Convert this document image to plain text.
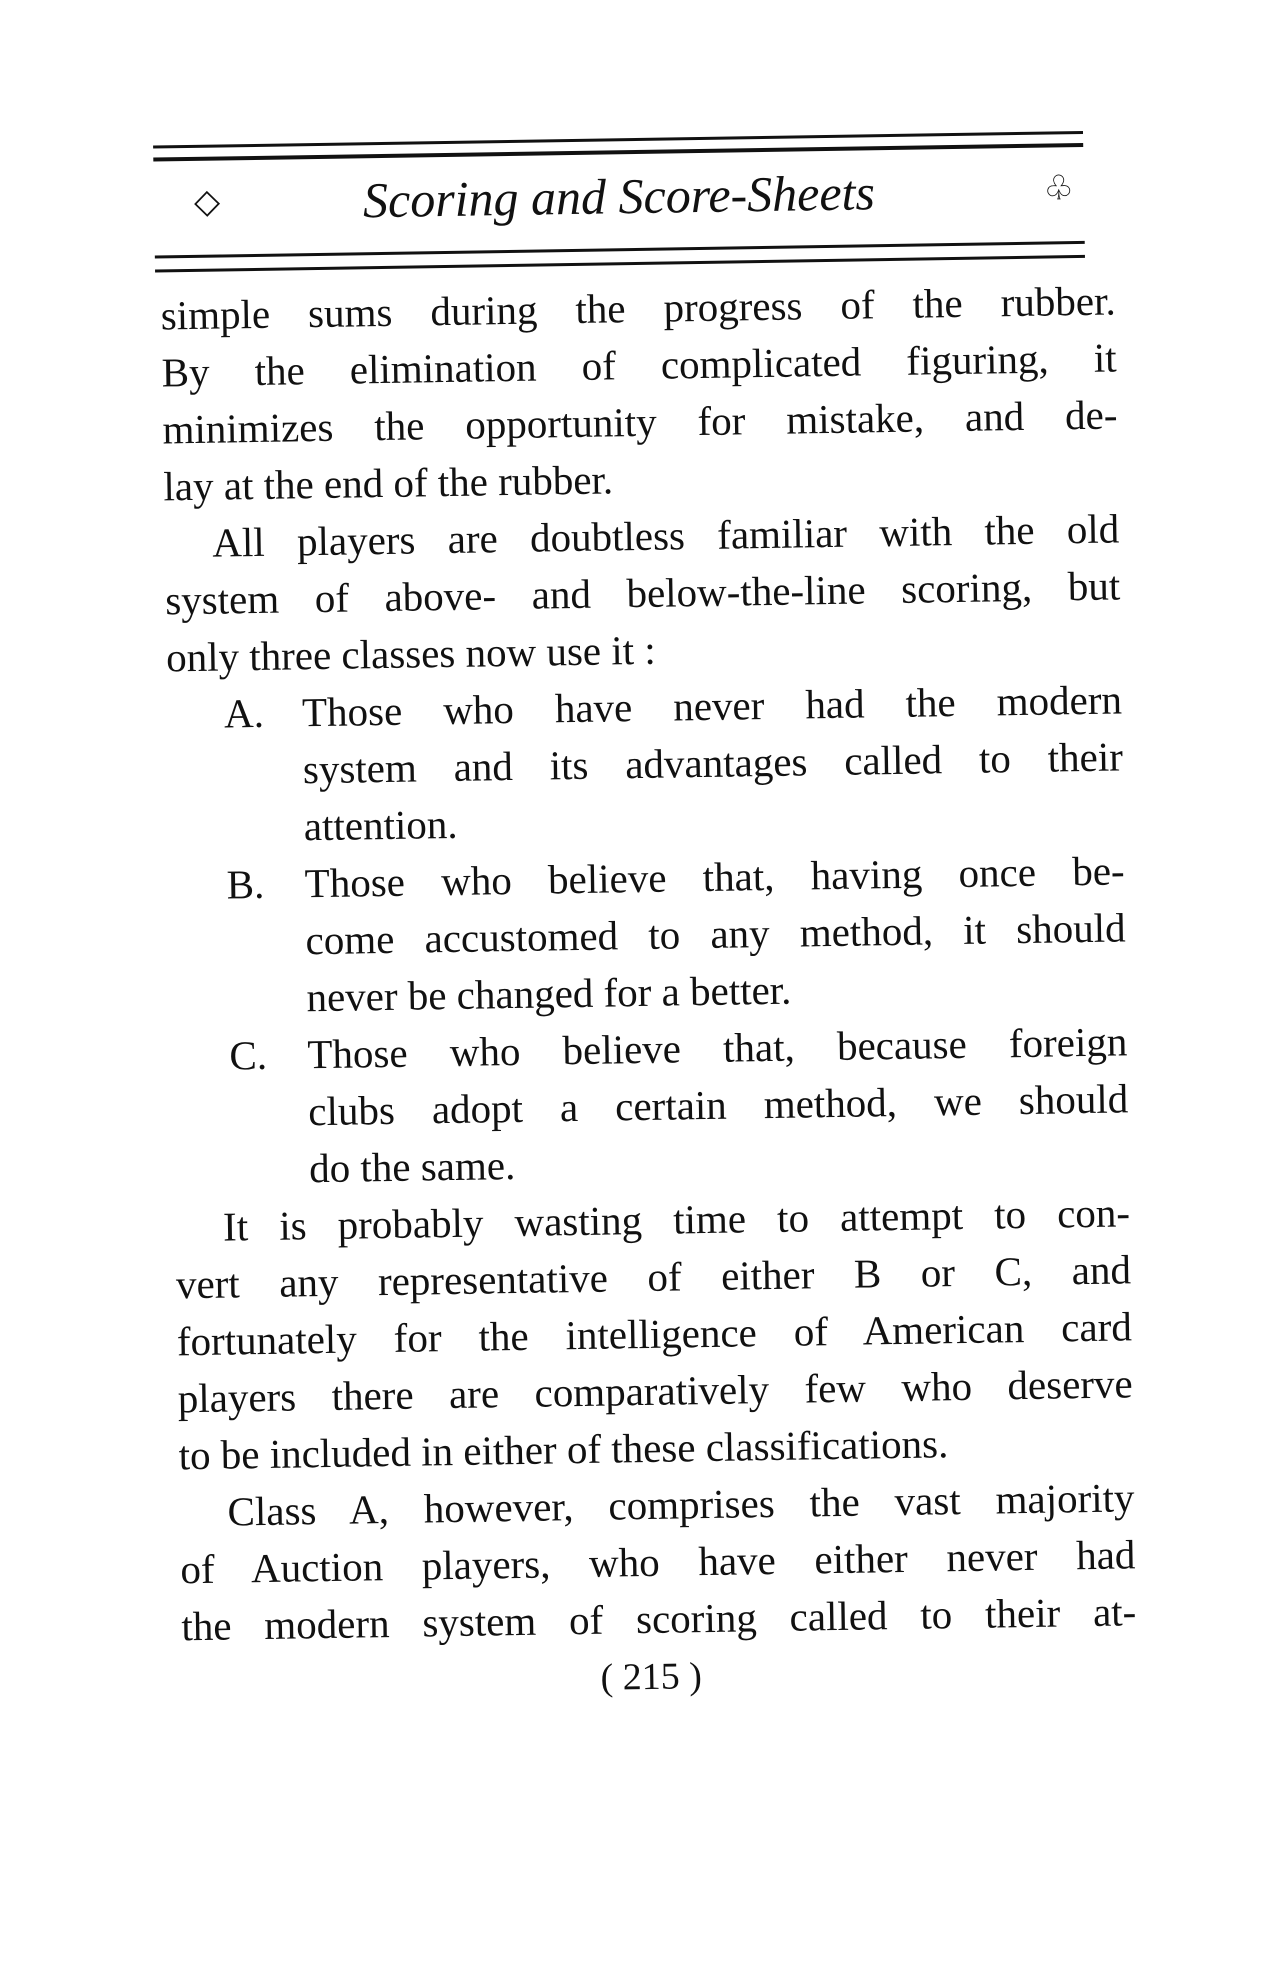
◇	Scoring and Score-Sheets	♧
simple sums during the progress of the rubber.
By the elimination of complicated figuring, it
minimizes the opportunity for mistake, and de-
lay at the end of the rubber.
All players are doubtless familiar with the old
system of above- and below-the-line scoring, but
only three classes now use it :
A. Those who have never had the modern
system and its advantages called to their
attention.
B. Those who believe that, having once be-
come accustomed to any method, it should
never be changed for a better.
C. Those who believe that, because foreign
clubs adopt a certain method, we should
do the same.
It is probably wasting time to attempt to con-
vert any representative of either B or C, and
fortunately for the intelligence of American card
players there are comparatively few who deserve
to be included in either of these classifications.
Class A, however, comprises the vast majority
of Auction players, who have either never had
the modern system of scoring called to their at-
( 215 )
